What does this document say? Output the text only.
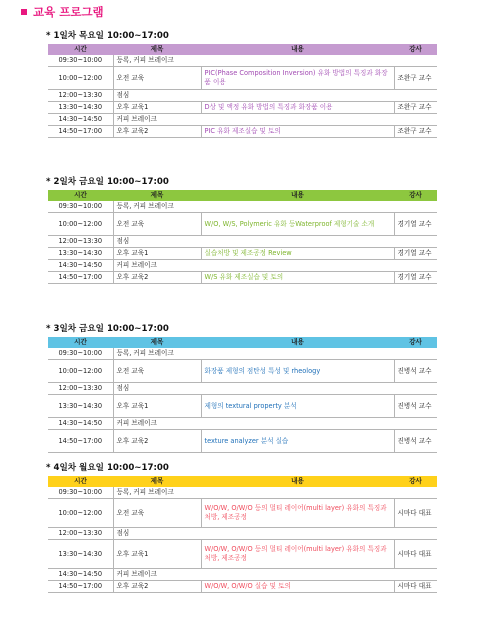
교육 프로그램
* 1일차 목요일 10:00~17:00
시간	제목	내용	강사
09:30~10:00	등록, 커피 브레이크		
10:00~12:00	오전 교육	PIC(Phase Composition Inversion) 유화 방법의 특징과 화장품 이용	조완구 교수
12:00~13:30	점심		
13:30~14:30	오후 교육1	D상 및 액정 유화 방법의 특징과 화장품 이용	조완구 교수
14:30~14:50	커피 브레이크		
14:50~17:00	오후 교육2	PIC 유화 제조실습 및 토의	조완구 교수
* 2일차 금요일 10:00~17:00
시간	제목	내용	강사
09:30~10:00	등록, 커피 브레이크		
10:00~12:00	오전 교육	W/O, W/S, Polymeric 유화 등Waterproof 제형기술 소개	경기열 교수
12:00~13:30	점심		
13:30~14:30	오후 교육1	실습처방 및 제조공정 Review	경기열 교수
14:30~14:50	커피 브레이크		
14:50~17:00	오후 교육2	W/S 유화 제조실습 및 토의	경기열 교수
* 3일차 금요일 10:00~17:00
시간	제목	내용	강사
09:30~10:00	등록, 커피 브레이크		
10:00~12:00	오전 교육	화장품 제형의 점탄성 특성 및 rheology	진병석 교수
12:00~13:30	점심		
13:30~14:30	오후 교육1	제형의 textural property 분석	진병석 교수
14:30~14:50	커피 브레이크		
14:50~17:00	오후 교육2	texture analyzer 분석 실습	진병석 교수
* 4일차 월요일 10:00~17:00
시간	제목	내용	강사
09:30~10:00	등록, 커피 브레이크		
10:00~12:00	오전 교육	W/O/W, O/W/O 등의 멀티 레이어(multi layer) 유화의 특징과 처방, 제조공정	시마다 대표
12:00~13:30	점심		
13:30~14:30	오후 교육1	W/O/W, O/W/O 등의 멀티 레이어(multi layer) 유화의 특징과 처방, 제조공정	시마다 대표
14:30~14:50	커피 브레이크		
14:50~17:00	오후 교육2	W/O/W, O/W/O 실습 및 토의	시마다 대표
